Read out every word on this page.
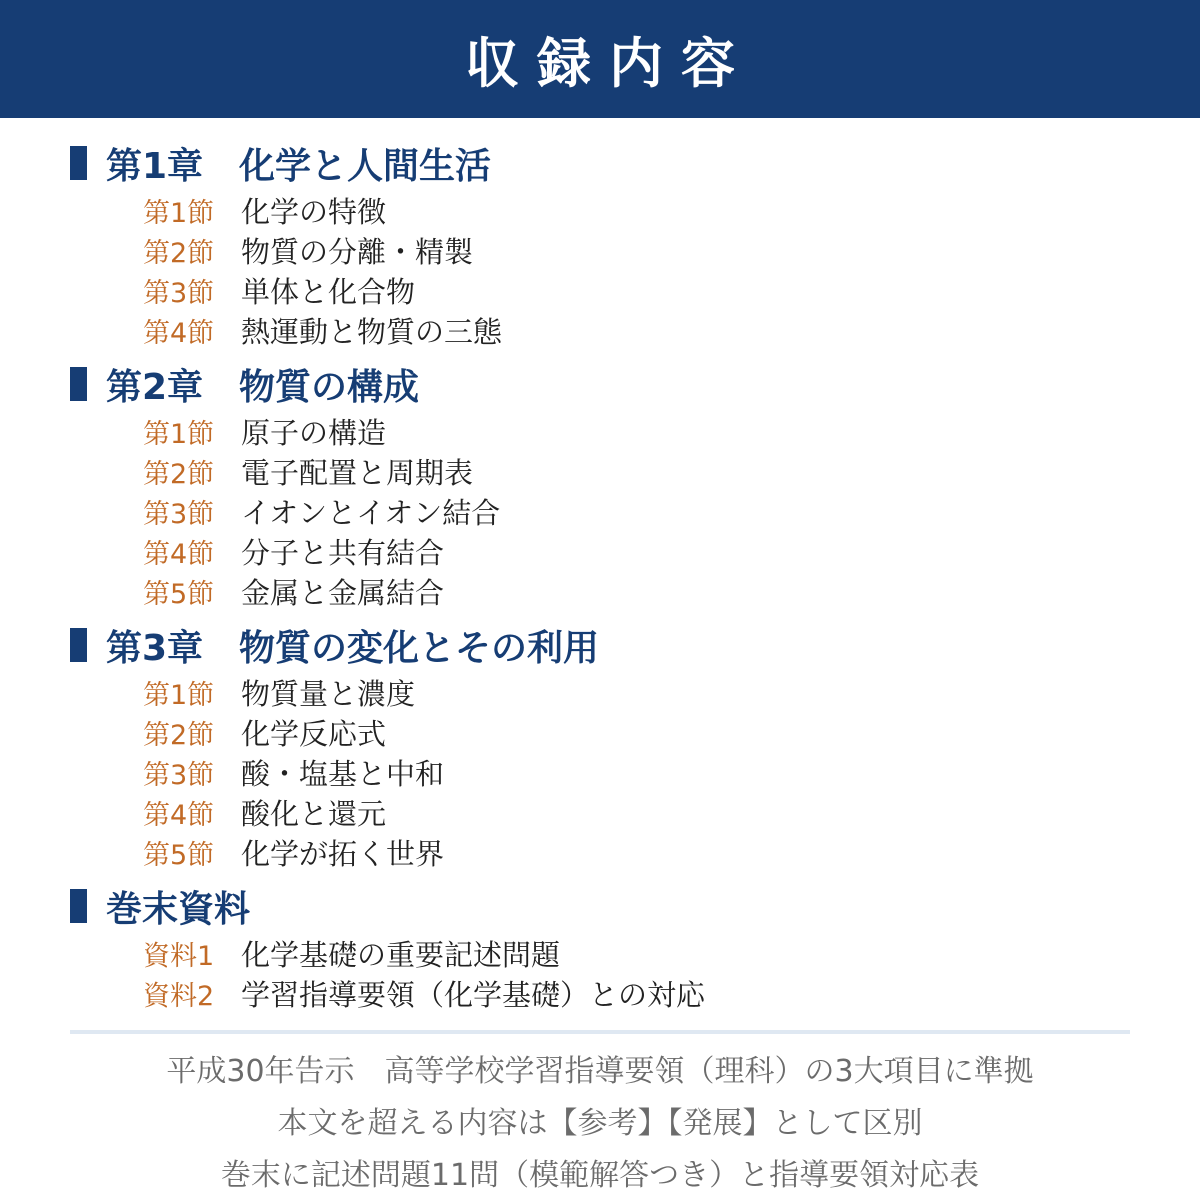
収録内容
第1章　化学と人間生活
第1節 化学の特徴
第2節 物質の分離・精製
第3節 単体と化合物
第4節 熱運動と物質の三態
第2章　物質の構成
第1節 原子の構造
第2節 電子配置と周期表
第3節 イオンとイオン結合
第4節 分子と共有結合
第5節 金属と金属結合
第3章　物質の変化とその利用
第1節 物質量と濃度
第2節 化学反応式
第3節 酸・塩基と中和
第4節 酸化と還元
第5節 化学が拓く世界
巻末資料
資料1 化学基礎の重要記述問題
資料2 学習指導要領（化学基礎）との対応
平成30年告示　高等学校学習指導要領（理科）の3大項目に準拠
本文を超える内容は【参考】【発展】として区別
巻末に記述問題11問（模範解答つき）と指導要領対応表
